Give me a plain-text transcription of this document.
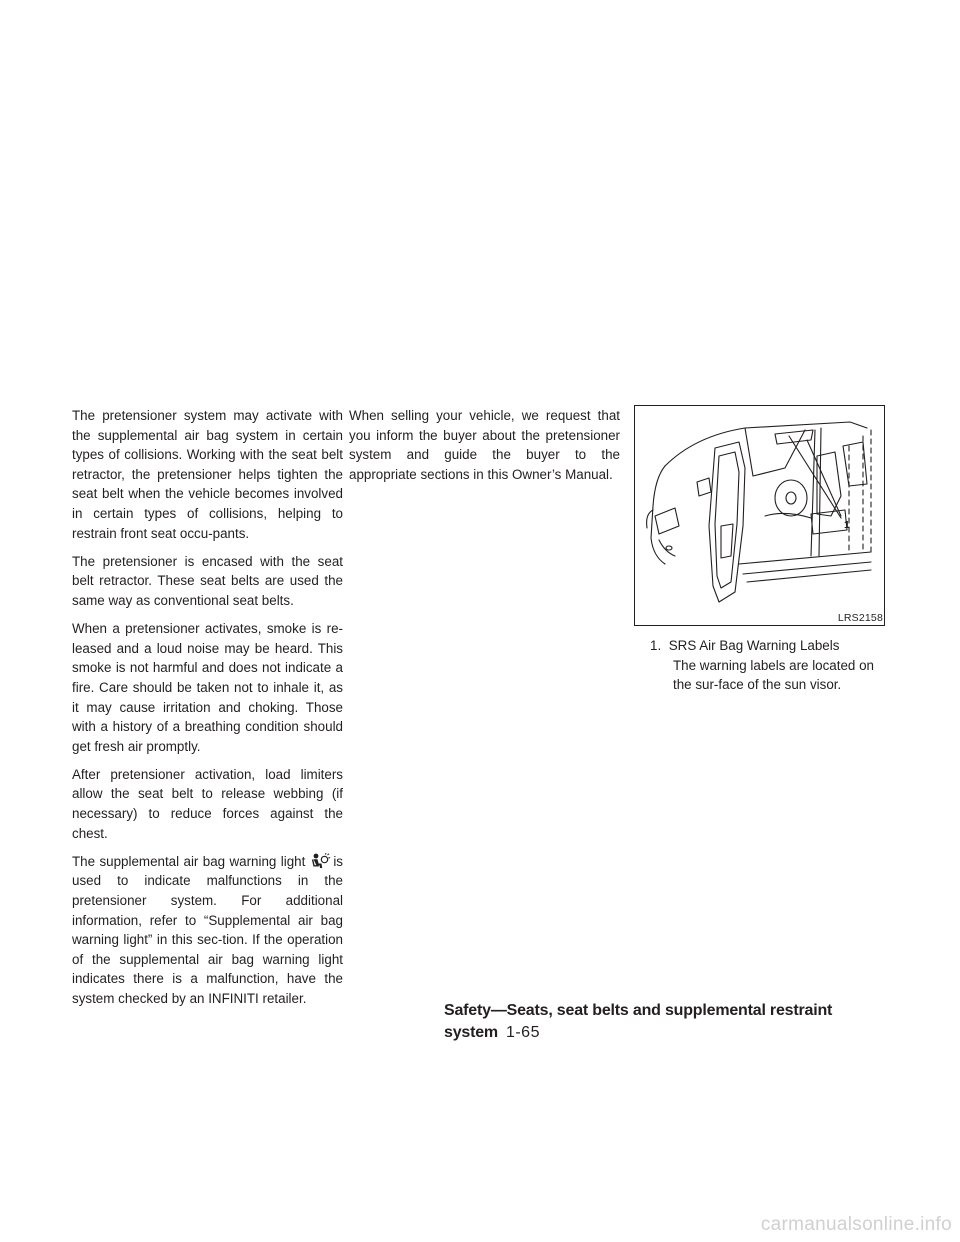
The pretensioner system may activate with the supplemental air bag system in certain types of collisions. Working with the seat belt retractor, the pretensioner helps tighten the seat belt when the vehicle becomes involved in certain types of collisions, helping to restrain front seat occu-pants.

The pretensioner is encased with the seat belt retractor. These seat belts are used the same way as conventional seat belts.

When a pretensioner activates, smoke is re-leased and a loud noise may be heard. This smoke is not harmful and does not indicate a fire. Care should be taken not to inhale it, as it may cause irritation and choking. Those with a history of a breathing condition should get fresh air promptly.

After pretensioner activation, load limiters allow the seat belt to release webbing (if necessary) to reduce forces against the chest.

The supplemental air bag warning light is used to indicate malfunctions in the pretensioner system. For additional information, refer to “Supplemental air bag warning light” in this sec-tion. If the operation of the supplemental air bag warning light indicates there is a malfunction, have the system checked by an INFINITI retailer.

When selling your vehicle, we request that you inform the buyer about the pretensioner system and guide the buyer to the appropriate sections in this Owner’s Manual.

1
LRS2158
1. SRS Air Bag Warning Labels
The warning labels are located on the sur-face of the sun visor.
Safety—Seats, seat belts and supplemental restraint system 1-65
carmanualsonline.info
